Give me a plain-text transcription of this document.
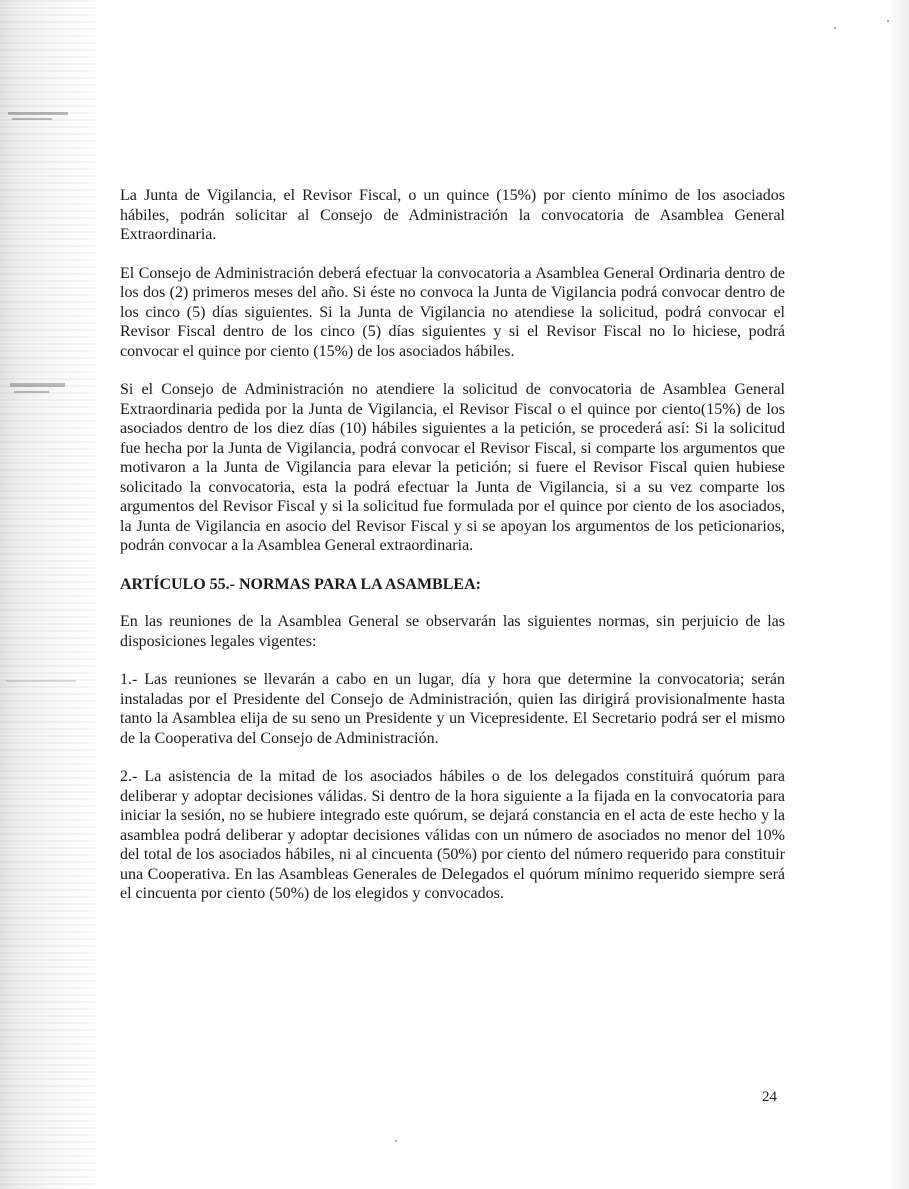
La Junta de Vigilancia, el Revisor Fiscal, o un quince (15%) por ciento mínimo de los asociados hábiles, podrán solicitar al Consejo de Administración la convocatoria de Asamblea General Extraordinaria.

El Consejo de Administración deberá efectuar la convocatoria a Asamblea General Ordinaria dentro de los dos (2) primeros meses del año. Si éste no convoca la Junta de Vigilancia podrá convocar dentro de los cinco (5) días siguientes. Si la Junta de Vigilancia no atendiese la solicitud, podrá convocar el Revisor Fiscal dentro de los cinco (5) días siguientes y si el Revisor Fiscal no lo hiciese, podrá convocar el quince por ciento (15%) de los asociados hábiles.

Si el Consejo de Administración no atendiere la solicitud de convocatoria de Asamblea General Extraordinaria pedida por la Junta de Vigilancia, el Revisor Fiscal o el quince por ciento(15%) de los asociados dentro de los diez días (10) hábiles siguientes a la petición, se procederá así: Si la solicitud fue hecha por la Junta de Vigilancia, podrá convocar el Revisor Fiscal, si comparte los argumentos que motivaron a la Junta de Vigilancia para elevar la petición; si fuere el Revisor Fiscal quien hubiese solicitado la convocatoria, esta la podrá efectuar la Junta de Vigilancia, si a su vez comparte los argumentos del Revisor Fiscal y si la solicitud fue formulada por el quince por ciento de los asociados, la Junta de Vigilancia en asocio del Revisor Fiscal y si se apoyan los argumentos de los peticionarios, podrán convocar a la Asamblea General extraordinaria.

ARTÍCULO 55.- NORMAS PARA LA ASAMBLEA:

En las reuniones de la Asamblea General se observarán las siguientes normas, sin perjuicio de las disposiciones legales vigentes:

1.- Las reuniones se llevarán a cabo en un lugar, día y hora que determine la convocatoria; serán instaladas por el Presidente del Consejo de Administración, quien las dirigirá provisionalmente hasta tanto la Asamblea elija de su seno un Presidente y un Vicepresidente. El Secretario podrá ser el mismo de la Cooperativa del Consejo de Administración.

2.- La asistencia de la mitad de los asociados hábiles o de los delegados constituirá quórum para deliberar y adoptar decisiones válidas. Si dentro de la hora siguiente a la fijada en la convocatoria para iniciar la sesión, no se hubiere integrado este quórum, se dejará constancia en el acta de este hecho y la asamblea podrá deliberar y adoptar decisiones válidas con un número de asociados no menor del 10% del total de los asociados hábiles, ni al cincuenta (50%) por ciento del número requerido para constituir una Cooperativa. En las Asambleas Generales de Delegados el quórum mínimo requerido siempre será el cincuenta por ciento (50%) de los elegidos y convocados.

24
